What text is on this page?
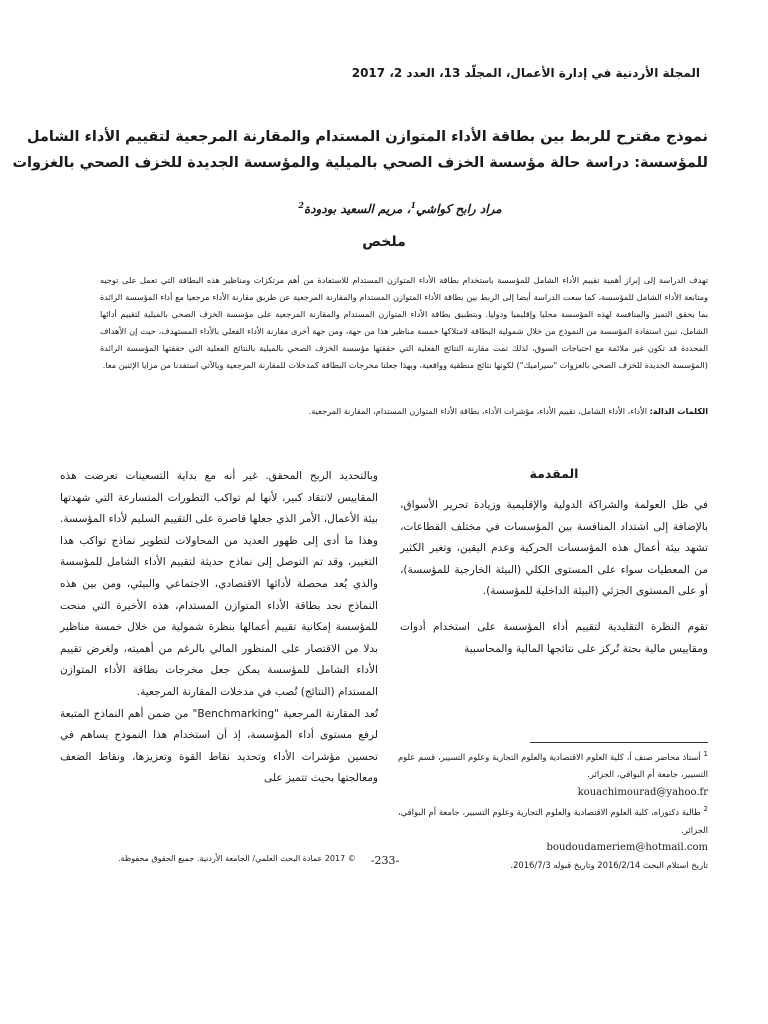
المجلة الأردنية في إدارة الأعمال، المجلّد 13، العدد 2، 2017
نموذج مقترح للربط بين بطاقة الأداء المتوازن المستدام والمقارنة المرجعية لتقييم الأداء الشامل
للمؤسسة: دراسة حالة مؤسسة الخزف الصحي بالميلية والمؤسسة الجديدة للخزف الصحي بالغزوات
مراد رابح كواشي$^1$، مريم السعيد بودودة$^2$
ملخص
تهدف الدراسة إلى إبراز أهمية تقييم الأداء الشامل للمؤسسة باستخدام بطاقة الأداء المتوازن المستدام للاستفادة من أهم مرتكزات ومناظير هذه البطاقة التي تعمل على توجيه ومتابعة الأداء الشامل للمؤسسة، كما سعت الدراسة أيضا إلى الربط بين بطاقة الأداء المتوازن المستدام والمقارنة المرجعية عن طريق مقارنة الأداء مرجعيا مع أداء المؤسسة الرائدة بما يحقق التميز والمنافسة لهذه المؤسسة محليا وإقليميا ودوليا. وبتطبيق بطاقة الأداء المتوازن المستدام والمقارنة المرجعية على مؤسسة الخزف الصحي بالميلية لتقييم أدائها الشامل، تبين استفادة المؤسسة من النموذج من خلال شمولية البطاقة لامتلاكها خمسة مناظير هذا من جهة، ومن جهة أخرى مقارنة الأداء الفعلي بالأداء المستهدف، حيث إن الأهداف المحددة قد تكون غير ملائمة مع احتياجات السوق، لذلك تمت مقارنة النتائج الفعلية التي حققتها مؤسسة الخزف الصحي بالميلية بالنتائج الفعلية التي حققتها المؤسسة الرائدة (المؤسسة الجديدة للخزف الصحي بالغزوات "سيراميك") لكونها نتائج منطقية وواقعية، وبهذا جعلنا مخرجات البطاقة كمدخلات للمقارنة المرجعية وبالآتي استفدنا من مزايا الإثنين معا.
الكلمات الدالة: الأداء، الأداء الشامل، تقييم الأداء، مؤشرات الأداء، بطاقة الأداء المتوازن المستدام، المقارنة المرجعية.
المقدمة

في ظل العولمة والشراكة الدولية والإقليمية وزيادة تحرير الأسواق، بالإضافة إلى اشتداد المنافسة بين المؤسسات في مختلف القطاعات، تشهد بيئة أعمال هذه المؤسسات الحركية وعدم اليقين، وتغير الكثير من المعطيات سواء على المستوى الكلي (البيئة الخارجية للمؤسسة)، أو على المستوى الجزئي (البيئة الداخلية للمؤسسة).

تقوم النظرة التقليدية لتقييم أداء المؤسسة على استخدام أدوات ومقاييس مالية بحتة تُركز على نتائجها المالية والمحاسبية

وبالتحديد الربح المحقق. غير أنه مع بداية التسعينات تعرضت هذه المقاييس لانتقاد كبير، لأنها لم تواكب التطورات المتسارعة التي شهدتها بيئة الأعمال، الأمر الذي جعلها قاصرة على التقييم السليم لأداء المؤسسة. وهذا ما أدى إلى ظهور العديد من المحاولات لتطوير نماذج تواكب هذا التغيير، وقد تم التوصل إلى نماذج حديثة لتقييم الأداء الشامل للمؤسسة والذي يُعد محصلة لأدائها الاقتصادي، الاجتماعي والبيئي، ومن بين هذه النماذج نجد بطاقة الأداء المتوازن المستدام، هذه الأخيرة التي منحت للمؤسسة إمكانية تقييم أعمالها بنظرة شمولية من خلال خمسة مناظير بدلا من الاقتصار على المنظور المالي بالرغم من أهميته، ولغرض تقييم الأداء الشامل للمؤسسة يمكن جعل مخرجات بطاقة الأداء المتوازن المستدام (النتائج) تُصب في مدخلات المقارنة المرجعية.

تُعد المقارنة المرجعية "Benchmarking" من ضمن أهم النماذج المتبعة لرفع مستوى أداء المؤسسة، إذ أن استخدام هذا النموذج يساهم في تحسين مؤشرات الأداء وتحديد نقاط القوة وتعزيزها، ونقاط الضعف ومعالجتها بحيث تتميز على

$^1$ أستاذ محاضر صنف أ، كلية العلوم الاقتصادية والعلوم التجارية وعلوم التسيير، قسم علوم التسيير، جامعة أم البواقي، الجزائر.

kouachimourad@yahoo.fr

$^2$ طالبة دكتوراه، كلية العلوم الاقتصادية والعلوم التجارية وعلوم التسيير، جامعة أم البواقي، الجزائر.

boudoudameriem@hotmail.com

تاريخ استلام البحث 2016/2/14 وتاريخ قبوله 2016/7/3.

© 2017 عمادة البحث العلمي/ الجامعة الأردنية. جميع الحقوق محفوظة.	-233-
